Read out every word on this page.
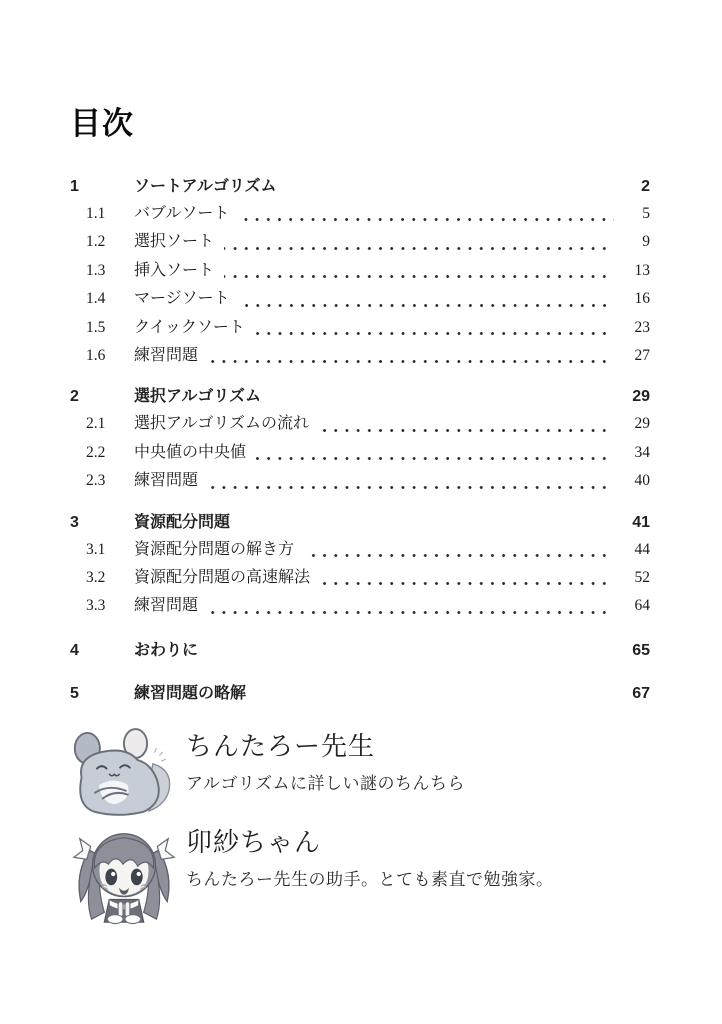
目次
1	ソートアルゴリズム	2
1.1	バブルソート	5
1.2	選択ソート	9
1.3	挿入ソート	13
1.4	マージソート	16
1.5	クイックソート	23
1.6	練習問題	27
2	選択アルゴリズム	29
2.1	選択アルゴリズムの流れ	29
2.2	中央値の中央値	34
2.3	練習問題	40
3	資源配分問題	41
3.1	資源配分問題の解き方	44
3.2	資源配分問題の高速解法	52
3.3	練習問題	64
4	おわりに	65
5	練習問題の略解	67
ちんたろー先生
アルゴリズムに詳しい謎のちんちら
卯紗ちゃん
ちんたろー先生の助手。とても素直で勉強家。
